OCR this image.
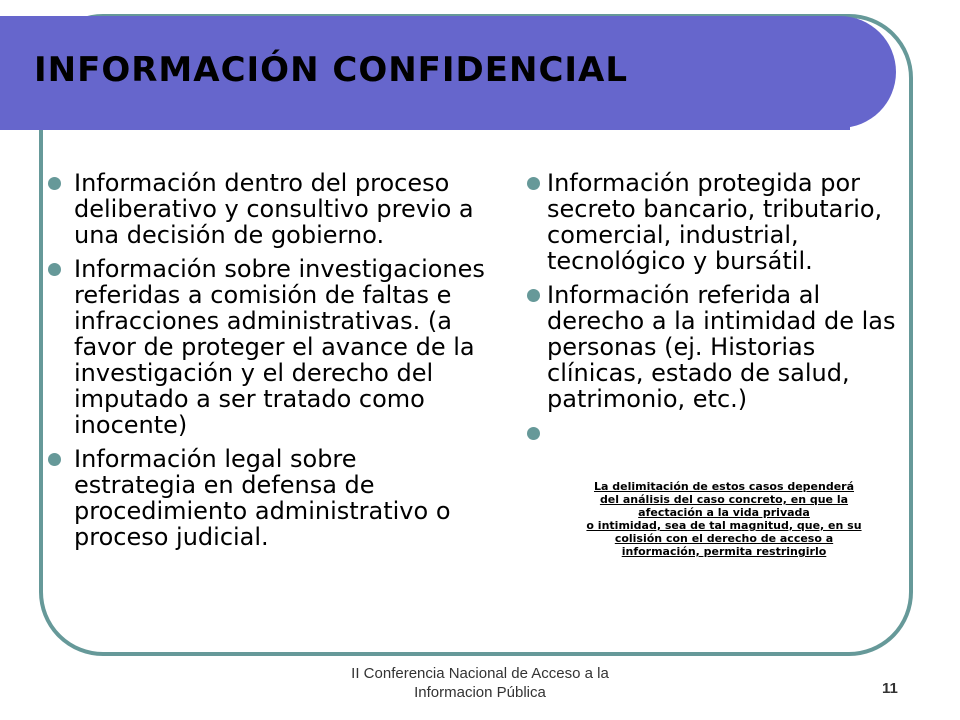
INFORMACIÓN CONFIDENCIAL
Información dentro del proceso deliberativo y consultivo previo a una decisión de gobierno.
Información sobre investigaciones referidas a comisión de faltas e infracciones administrativas. (a favor de proteger el avance de la investigación y el derecho del imputado a ser tratado como inocente)
Información legal sobre estrategia en defensa de procedimiento administrativo o proceso judicial.
Información protegida por secreto bancario, tributario, comercial, industrial, tecnológico y bursátil.
Información referida al derecho a la intimidad de las personas (ej. Historias clínicas, estado de salud, patrimonio, etc.)

La delimitación de estos casos dependerá
del análisis del caso concreto, en que la
afectación a la vida privada
o intimidad, sea de tal magnitud, que, en su
colisión con el derecho de acceso a
información, permita restringirlo

II Conferencia Nacional de Acceso a la
Informacion Pública	11
